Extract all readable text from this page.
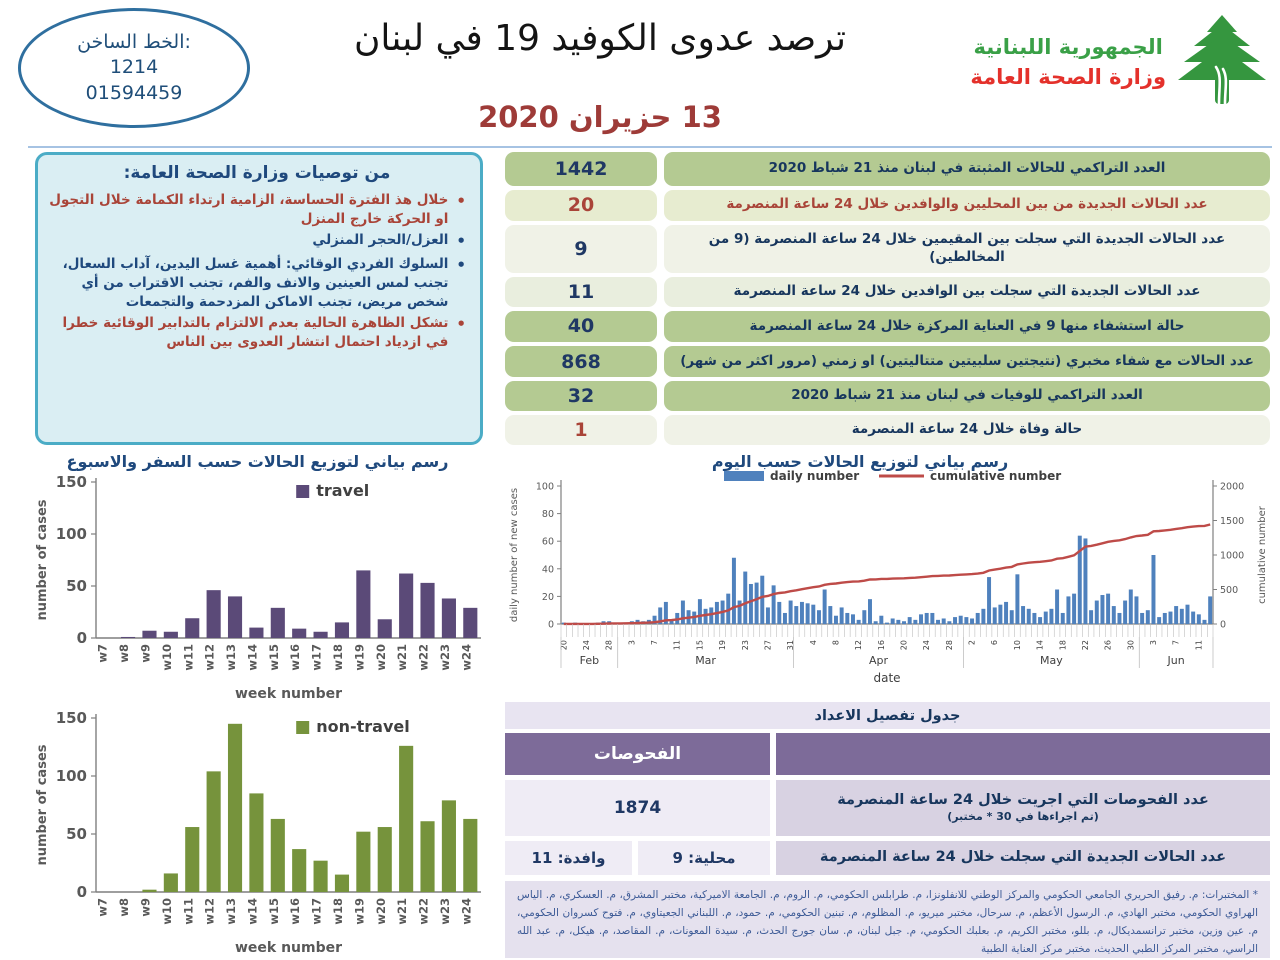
الخط الساخن:
1214
01594459
ترصد عدوى الكوفيد 19 في لبنان
13 حزيران 2020
الجمهورية اللبنانية
وزارة الصحة العامة
من توصيات وزارة الصحة العامة:
•
خلال هذ الفترة الحساسة، الزامية ارتداء الكمامة خلال التجول او الحركة خارج المنزل
•
العزل/الحجر المنزلي
•
السلوك الفردي الوقائي: أهمية غسل اليدين، آداب السعال، تجنب لمس العينين والانف والفم، تجنب الاقتراب من أي شخص مريض، تجنب الاماكن المزدحمة والتجمعات
•
تشكل الظاهرة الحالية بعدم الالتزام بالتدابير الوقائية خطرا في ازدياد احتمال انتشار العدوى بين الناس
العدد التراكمي للحالات المثبتة في لبنان منذ 21 شباط 2020
1442
عدد الحالات الجديدة من بين المحليين والوافدين خلال 24 ساعة المنصرمة
20
عدد الحالات الجديدة التي سجلت بين المقيمين خلال 24 ساعة المنصرمة (9 من المخالطين)
9
عدد الحالات الجديدة التي سجلت بين الوافدين خلال 24 ساعة المنصرمة
11
حالة استشفاء منها 9 في العناية المركزة خلال 24 ساعة المنصرمة
40
عدد الحالات مع شفاء مخبري (نتيجتين سلبيتين متتاليتين) او زمني (مرور اكثر من شهر)
868
العدد التراكمي للوفيات في لبنان منذ 21 شباط 2020
32
حالة وفاة خلال 24 ساعة المنصرمة
1
رسم بياني لتوزيع الحالات حسب السفر والاسبوع
0
50
100
150
w7 w8 w9 w10 w11 w12 w13 w14 w15 w16 w17 w18 w19 w20 w21 w22 w23 w24
travel
number of cases
week number
0
50
100
150
w7 w8 w9 w10 w11 w12 w13 w14 w15 w16 w17 w18 w19 w20 w21 w22 w23 w24
non-travel
number of cases
week number
رسم بياني لتوزيع الحالات حسب اليوم
0
20
40
60
80
100
0
500
1000
1500
2000
20 24 28 3 7 11 15 19 23 27 31 4 8 12 16 20 24 28 2 6 10 14 18 22 26 30 3 7 11
Feb	Mar	Apr	May	Jun
date
daily number of new cases	cumulative number
daily number	cumulative number
جدول تفصيل الاعداد
الفحوصات
1874	عدد الفحوصات التي اجريت خلال 24 ساعة المنصرمة
(تم اجراءها في 30 * مختبر)
وافدة: 11	محلية: 9	عدد الحالات الجديدة التي سجلت خلال 24 ساعة المنصرمة
* المختبرات: م. رفيق الحريري الجامعي الحكومي والمركز الوطني للانفلونزا، م. طرابلس الحكومي، م. الروم، م. الجامعة الاميركية، مختبر المشرق، م. العسكري، م. الياس الهراوي الحكومي، مختبر الهادي، م. الرسول الأعظم، م. سرحال، مختبر ميريو، م. المظلوم، م. تبنين الحكومي، م. حمود، م. اللبناني الجعيتاوي، م. فتوح كسروان الحكومي، م. عين وزين، مختبر ترانسمديكال، م. بللو، مختبر الكريم، م. بعلبك الحكومي، م. جبل لبنان، م. سان جورج الحدث، م. سيدة المعونات، م. المقاصد، م. هيكل، م. عبد الله الراسي، مختبر المركز الطبي الحديث، مختبر مركز العناية الطبية
